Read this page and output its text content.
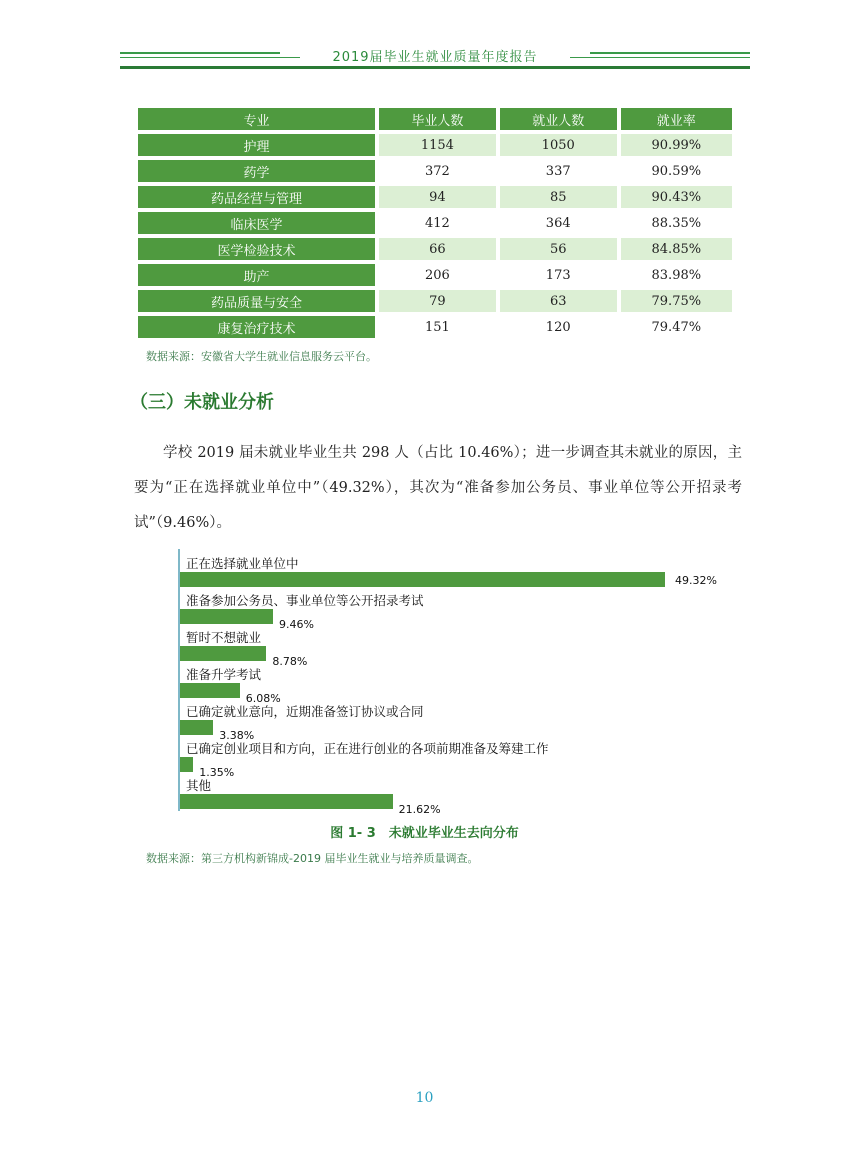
2019届毕业生就业质量年度报告
专业	毕业人数	就业人数	就业率
护理	1154	1050	90.99%
药学	372	337	90.59%
药品经营与管理	94	85	90.43%
临床医学	412	364	88.35%
医学检验技术	66	56	84.85%
助产	206	173	83.98%
药品质量与安全	79	63	79.75%
康复治疗技术	151	120	79.47%
数据来源：安徽省大学生就业信息服务云平台。
（三）未就业分析

学校 2019 届未就业毕业生共 298 人（占比 10.46%）；进一步调查其未就业的原因，主要为“正在选择就业单位中”（49.32%），其次为“准备参加公务员、事业单位等公开招录考试”（9.46%）。

正在选择就业单位中
49.32%
准备参加公务员、事业单位等公开招录考试
9.46%
暂时不想就业
8.78%
准备升学考试
6.08%
已确定就业意向，近期准备签订协议或合同
3.38%
已确定创业项目和方向，正在进行创业的各项前期准备及筹建工作
1.35%
其他
21.62%
图 1- 3　未就业毕业生去向分布
数据来源：第三方机构新锦成-2019 届毕业生就业与培养质量调查。
10
